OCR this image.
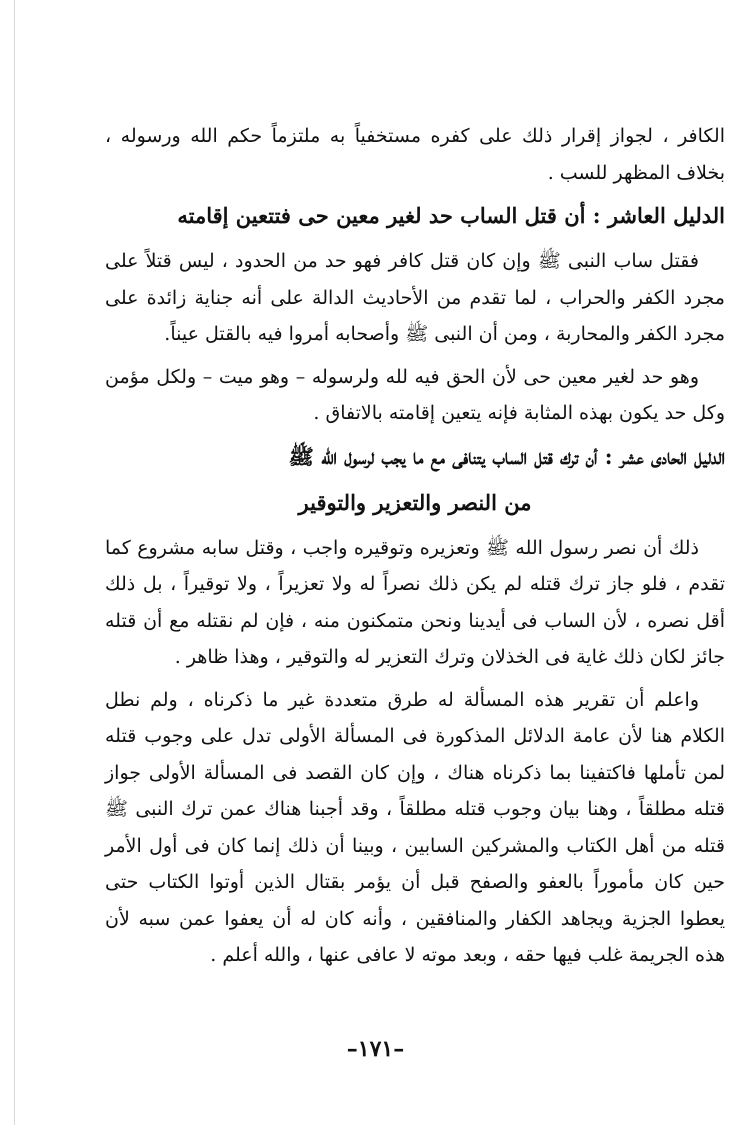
الكافر ، لجواز إقرار ذلك على كفره مستخفياً به ملتزماً حكم الله ورسوله ، بخلاف المظهر للسب .

الدليل العاشر : أن قتل الساب حد لغير معين حى فتتعين إقامته

فقتل ساب النبى ﷺ وإن كان قتل كافر فهو حد من الحدود ، ليس قتلاً على مجرد الكفر والحراب ، لما تقدم من الأحاديث الدالة على أنه جناية زائدة على مجرد الكفر والمحاربة ، ومن أن النبى ﷺ وأصحابه أمروا فيه بالقتل عيناً.

وهو حد لغير معين حى لأن الحق فيه لله ولرسوله – وهو ميت – ولكل مؤمن وكل حد يكون بهذه المثابة فإنه يتعين إقامته بالاتفاق .

الدليل الحادى عشر : أن ترك قتل الساب يتنافى مع ما يجب لرسول الله ﷺ
من النصر والتعزير والتوقير

ذلك أن نصر رسول الله ﷺ وتعزيره وتوقيره واجب ، وقتل سابه مشروع كما تقدم ، فلو جاز ترك قتله لم يكن ذلك نصراً له ولا تعزيراً ، ولا توقيراً ، بل ذلك أقل نصره ، لأن الساب فى أيدينا ونحن متمكنون منه ، فإن لم نقتله مع أن قتله جائز لكان ذلك غاية فى الخذلان وترك التعزير له والتوقير ، وهذا ظاهر .

واعلم أن تقرير هذه المسألة له طرق متعددة غير ما ذكرناه ، ولم نطل الكلام هنا لأن عامة الدلائل المذكورة فى المسألة الأولى تدل على وجوب قتله لمن تأملها فاكتفينا بما ذكرناه هناك ، وإن كان القصد فى المسألة الأولى جواز قتله مطلقاً ، وهنا بيان وجوب قتله مطلقاً ، وقد أجبنا هناك عمن ترك النبى ﷺ قتله من أهل الكتاب والمشركين السابين ، وبينا أن ذلك إنما كان فى أول الأمر حين كان مأموراً بالعفو والصفح قبل أن يؤمر بقتال الذين أوتوا الكتاب حتى يعطوا الجزية ويجاهد الكفار والمنافقين ، وأنه كان له أن يعفوا عمن سبه لأن هذه الجريمة غلب فيها حقه ، وبعد موته لا عافى عنها ، والله أعلم .

–١٧١–
